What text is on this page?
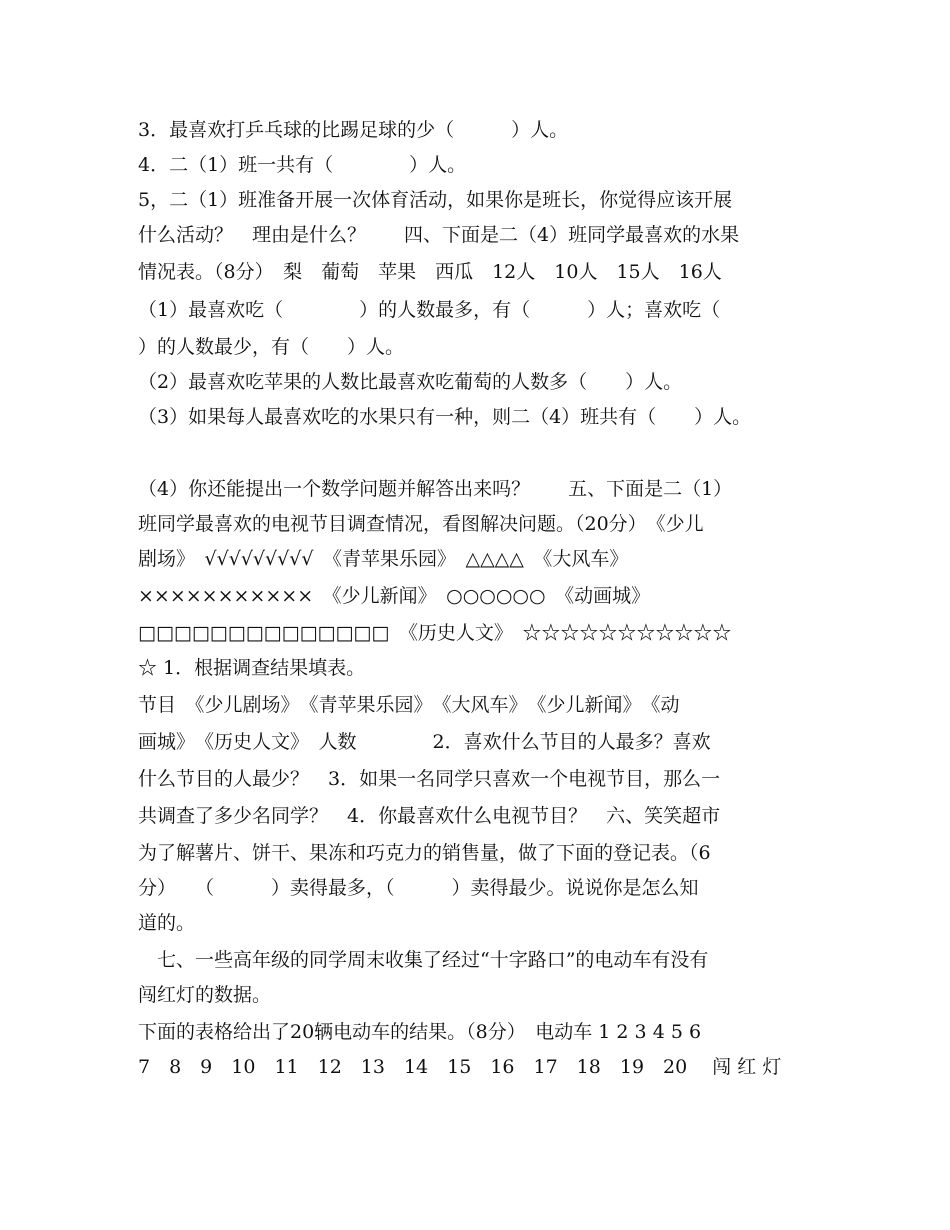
3．最喜欢打乒乓球的比踢足球的少（　　　）人。
4．二（1）班一共有（　　　　）人。
5，二（1）班准备开展一次体育活动，如果你是班长，你觉得应该开展
什么活动？　理由是什么？　　四、下面是二（4）班同学最喜欢的水果
情况表。（8分）　梨　葡萄　苹果　西瓜　12人　10人　15人　16人
（1）最喜欢吃（　　　　）的人数最多，有（　　　）人；喜欢吃（
）的人数最少，有（　　）人。
（2）最喜欢吃苹果的人数比最喜欢吃葡萄的人数多（　　）人。
（3）如果每人最喜欢吃的水果只有一种，则二（4）班共有（　　）人。
（4）你还能提出一个数学问题并解答出来吗？　　五、下面是二（1）
班同学最喜欢的电视节目调查情况，看图解决问题。（20分）　《少儿
剧场》　√√√√√√√√√　《青苹果乐园》　△△△△　《大风车》
×××××××××××　《少儿新闻》　○○○○○○　《动画城》
□□□□□□□□□□□□□□　《历史人文》　☆☆☆☆☆☆☆☆☆☆☆
☆ 1．根据调查结果填表。
节目　《少儿剧场》　《青苹果乐园》　《大风车》　《少儿新闻》　《动
画城》　《历史人文》　人数　　　　2．喜欢什么节目的人最多？喜欢
什么节目的人最少？　3．如果一名同学只喜欢一个电视节目，那么一
共调查了多少名同学？　4．你最喜欢什么电视节目？　六、笑笑超市
为了解薯片、饼干、果冻和巧克力的销售量，做了下面的登记表。（6
分）　　（　　　）卖得最多，（　　　）卖得最少。说说你是怎么知
道的。
　七、一些高年级的同学周末收集了经过“十字路口”的电动车有没有
闯红灯的数据。
下面的表格给出了20辆电动车的结果。（8分）　电动车 1 2 3 4 5 6
7　8　9　10　11　12　13　14　15　16　17　18　19　20　 闯 红 灯
